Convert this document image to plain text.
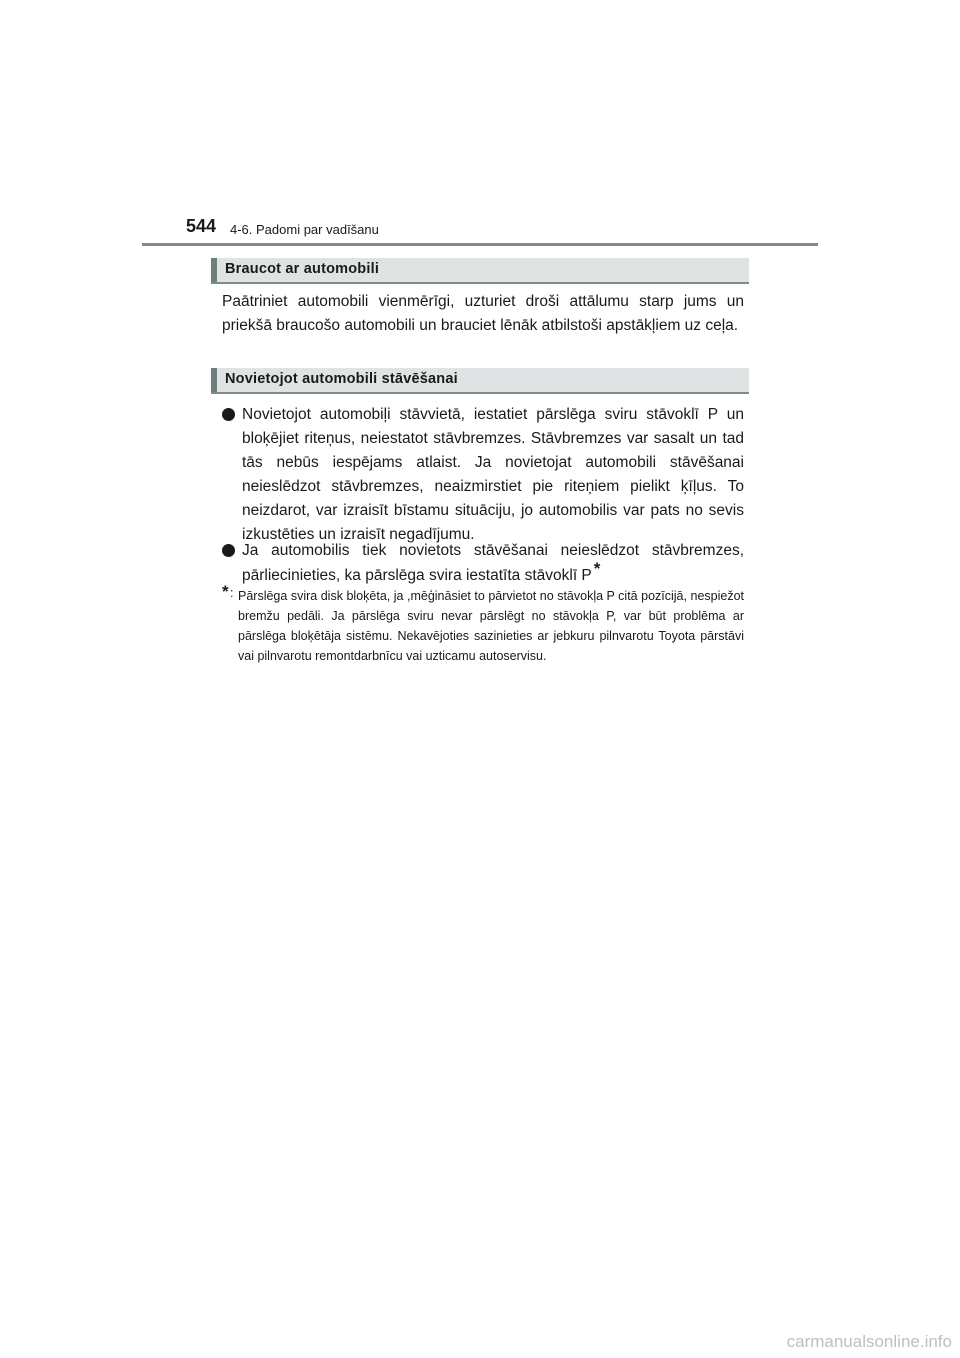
544 4-6. Padomi par vadīšanu
Braucot ar automobili
Paātriniet automobili vienmērīgi, uzturiet droši attālumu starp jums un priekšā braucošo automobili un brauciet lēnāk atbilstoši apstākļiem uz ceļa.
Novietojot automobili stāvēšanai
Novietojot automobiļi stāvvietā, iestatiet pārslēga sviru stāvoklī P un bloķējiet riteņus, neiestatot stāvbremzes. Stāvbremzes var sasalt un tad tās nebūs iespējams atlaist. Ja novietojat automobili stāvēšanai neieslēdzot stāvbremzes, neaizmirstiet pie riteņiem pielikt ķīļus. To neizdarot, var izraisīt bīstamu situāciju, jo automobilis var pats no sevis izkustēties un izraisīt negadījumu.
Ja automobilis tiek novietots stāvēšanai neieslēdzot stāvbremzes, pārliecinieties, ka pārslēga svira iestatīta stāvoklī P *
* : Pārslēga svira disk bloķēta, ja ,mēģināsiet to pārvietot no stāvokļa P citā pozīcijā, nespiežot bremžu pedāli. Ja pārslēga sviru nevar pārslēgt no stāvokļa P, var būt problēma ar pārslēga bloķētāja sistēmu. Nekavējoties sazinieties ar jebkuru pilnvarotu Toyota pārstāvi vai pilnvarotu remontdarbnīcu vai uzticamu autoservisu.
carmanualsonline.info
